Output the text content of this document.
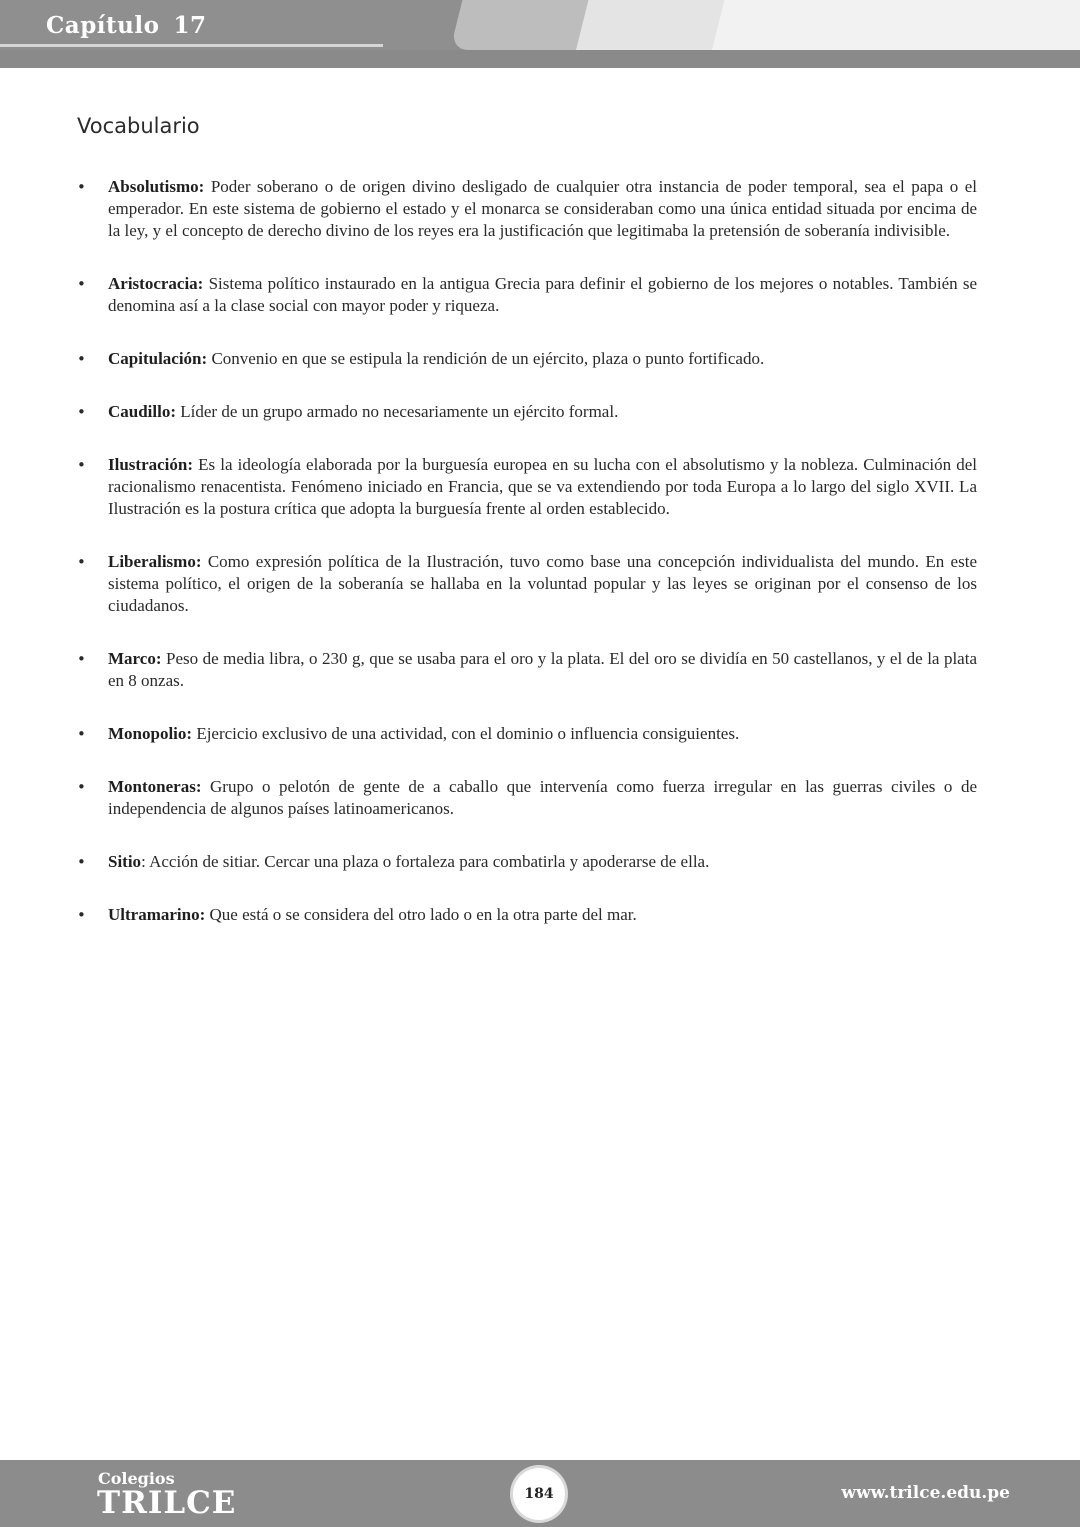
Capítulo 17
Vocabulario
• Absolutismo: Poder soberano o de origen divino desligado de cualquier otra instancia de poder temporal, sea el papa o el emperador. En este sistema de gobierno el estado y el monarca se consideraban como una única entidad situada por encima de la ley, y el concepto de derecho divino de los reyes era la justificación que legitimaba la pretensión de soberanía indivisible.
• Aristocracia: Sistema político instaurado en la antigua Grecia para definir el gobierno de los mejores o notables. También se denomina así a la clase social con mayor poder y riqueza.
• Capitulación: Convenio en que se estipula la rendición de un ejército, plaza o punto fortificado.
• Caudillo: Líder de un grupo armado no necesariamente un ejército formal.
• Ilustración: Es la ideología elaborada por la burguesía europea en su lucha con el absolutismo y la nobleza. Culminación del racionalismo renacentista. Fenómeno iniciado en Francia, que se va extendiendo por toda Europa a lo largo del siglo XVII. La Ilustración es la postura crítica que adopta la burguesía frente al orden establecido.
• Liberalismo: Como expresión política de la Ilustración, tuvo como base una concepción individualista del mundo. En este sistema político, el origen de la soberanía se hallaba en la voluntad popular y las leyes se originan por el consenso de los ciudadanos.
• Marco: Peso de media libra, o 230 g, que se usaba para el oro y la plata. El del oro se dividía en 50 castellanos, y el de la plata en 8 onzas.
• Monopolio: Ejercicio exclusivo de una actividad, con el dominio o influencia consiguientes.
• Montoneras: Grupo o pelotón de gente de a caballo que intervenía como fuerza irregular en las guerras civiles o de independencia de algunos países latinoamericanos.
• Sitio: Acción de sitiar. Cercar una plaza o fortaleza para combatirla y apoderarse de ella.
• Ultramarino: Que está o se considera del otro lado o en la otra parte del mar.
Colegios
TRILCE	184	www.trilce.edu.pe
